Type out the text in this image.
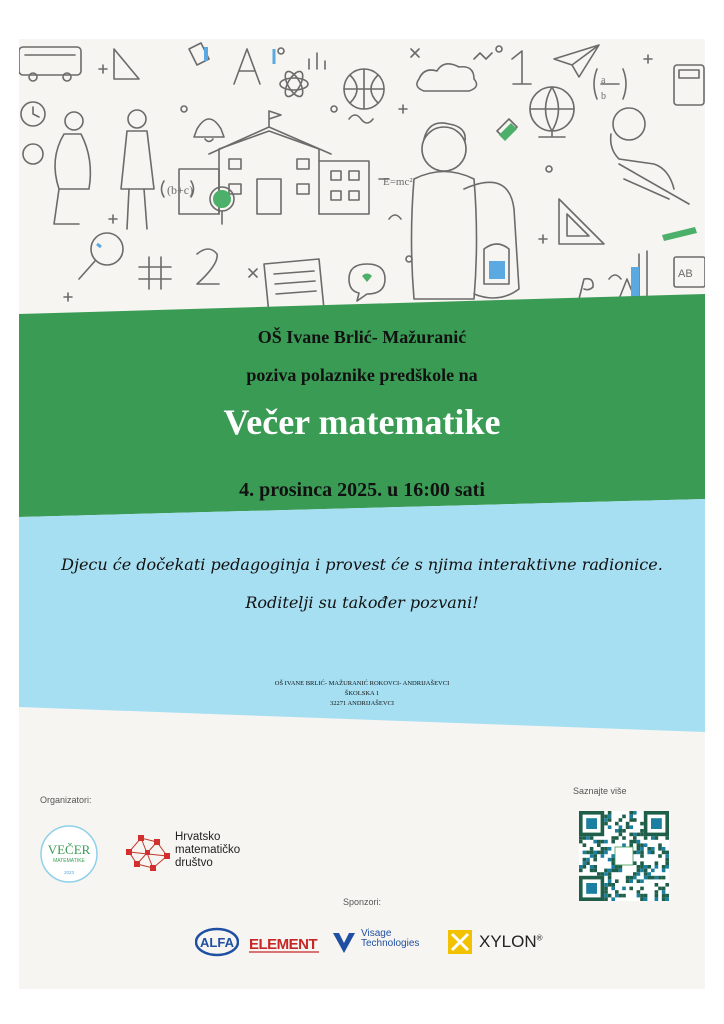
E=mc²
(b+c)
a
b
AB
OŠ Ivane Brlić- Mažuranić
poziva polaznike predškole na
Večer matematike
4. prosinca 2025. u 16:00 sati
Djecu će dočekati pedagoginja i provest će s njima interaktivne radionice.
Roditelji su također pozvani!
OŠ IVANE BRLIĆ- MAŽURANIĆ ROKOVCI- ANDRIJAŠEVCI
ŠKOLSKA 1
32271 ANDRIJAŠEVCI
Organizatori:
Saznajte više
Sponzori:
VEČER
MATEMATIKE
2023
Hrvatsko
matematičko
društvo
ALFA ELEMENT
Visage
Technologies	XYLON®
